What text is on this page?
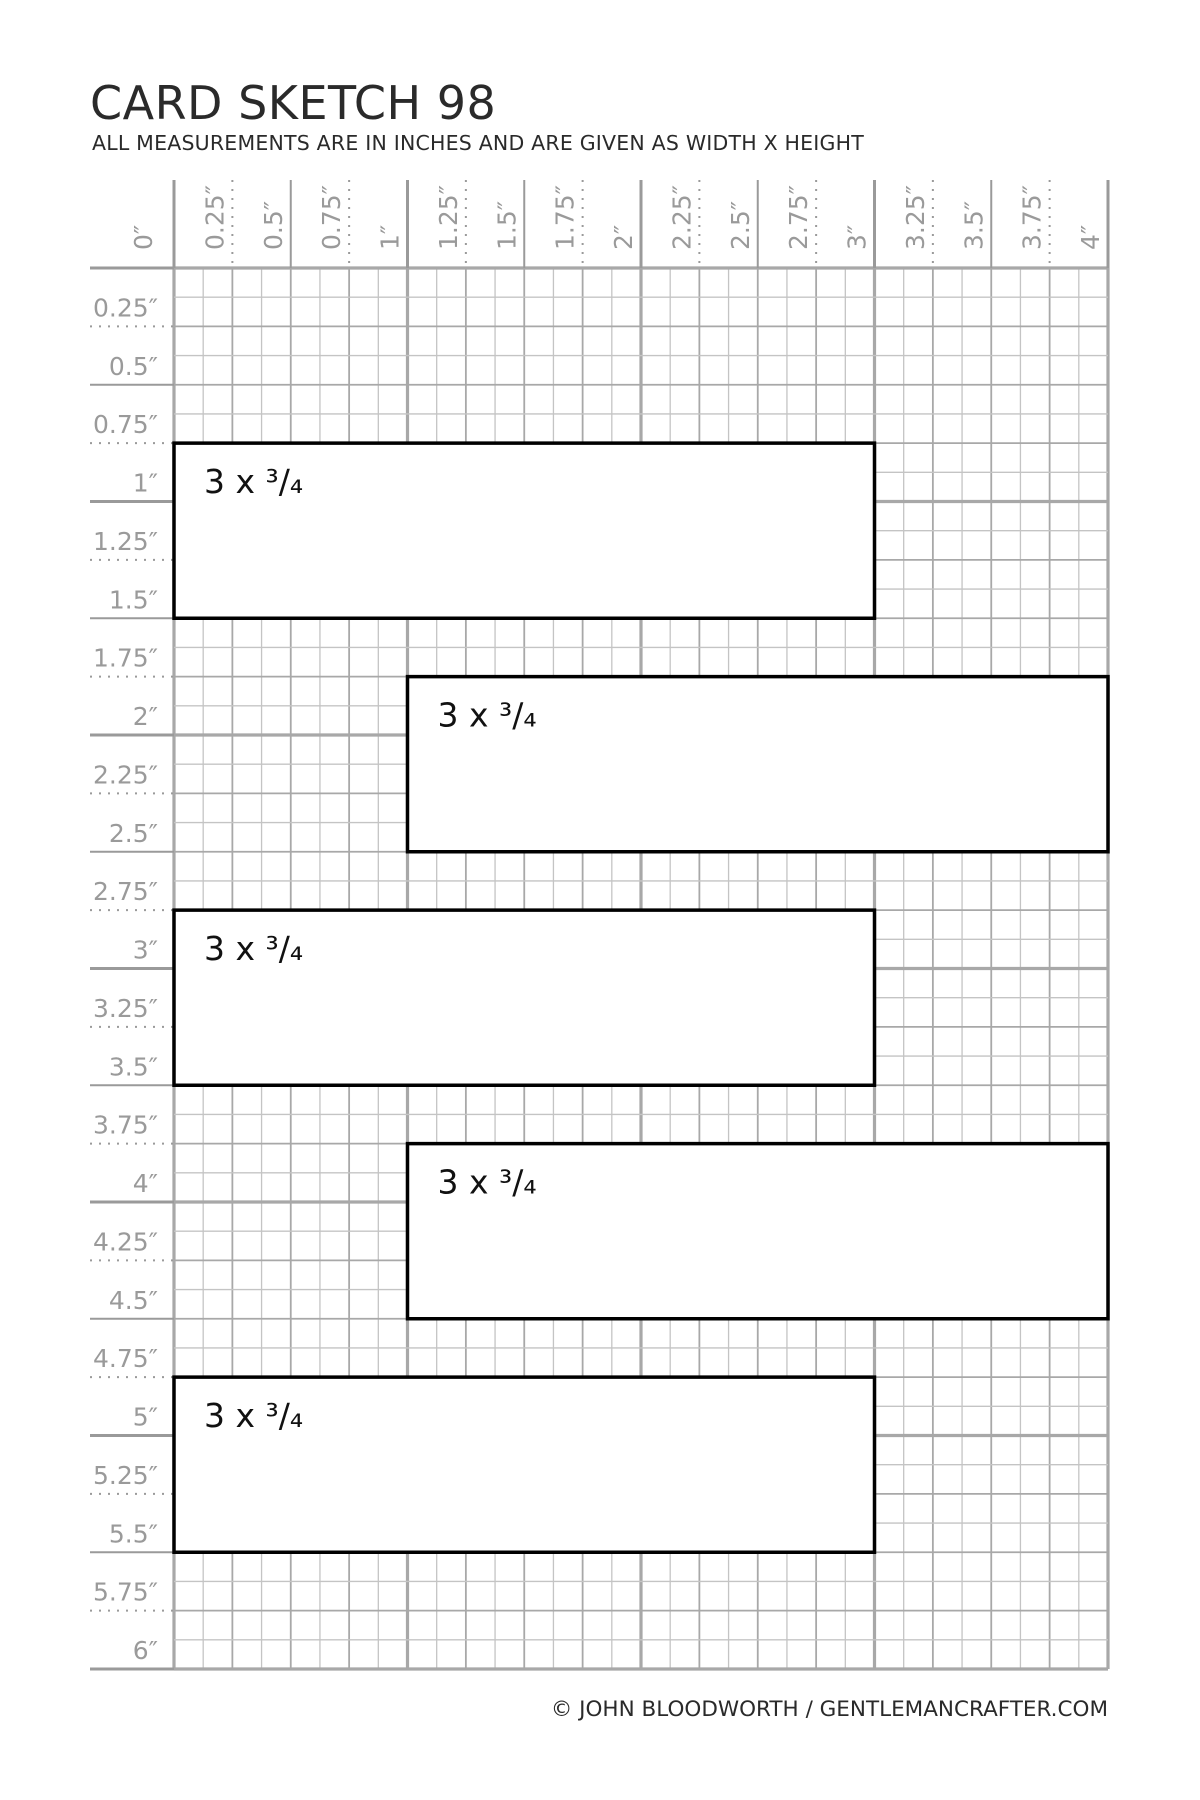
CARD SKETCH 98
ALL MEASUREMENTS ARE IN INCHES AND ARE GIVEN AS WIDTH X HEIGHT
0″ 0.25″ 0.5″ 0.75″ 1″ 1.25″ 1.5″ 1.75″ 2″ 2.25″ 2.5″ 2.75″ 3″ 3.25″ 3.5″ 3.75″ 4″
0.25″
0.5″
0.75″
1″
1.25″
1.5″
1.75″
2″
2.25″
2.5″
2.75″
3″
3.25″
3.5″
3.75″
4″
4.25″
4.5″
4.75″
5″
5.25″
5.5″
5.75″
6″
3 x ³/₄
3 x ³/₄
3 x ³/₄
3 x ³/₄
3 x ³/₄
© JOHN BLOODWORTH / GENTLEMANCRAFTER.COM
